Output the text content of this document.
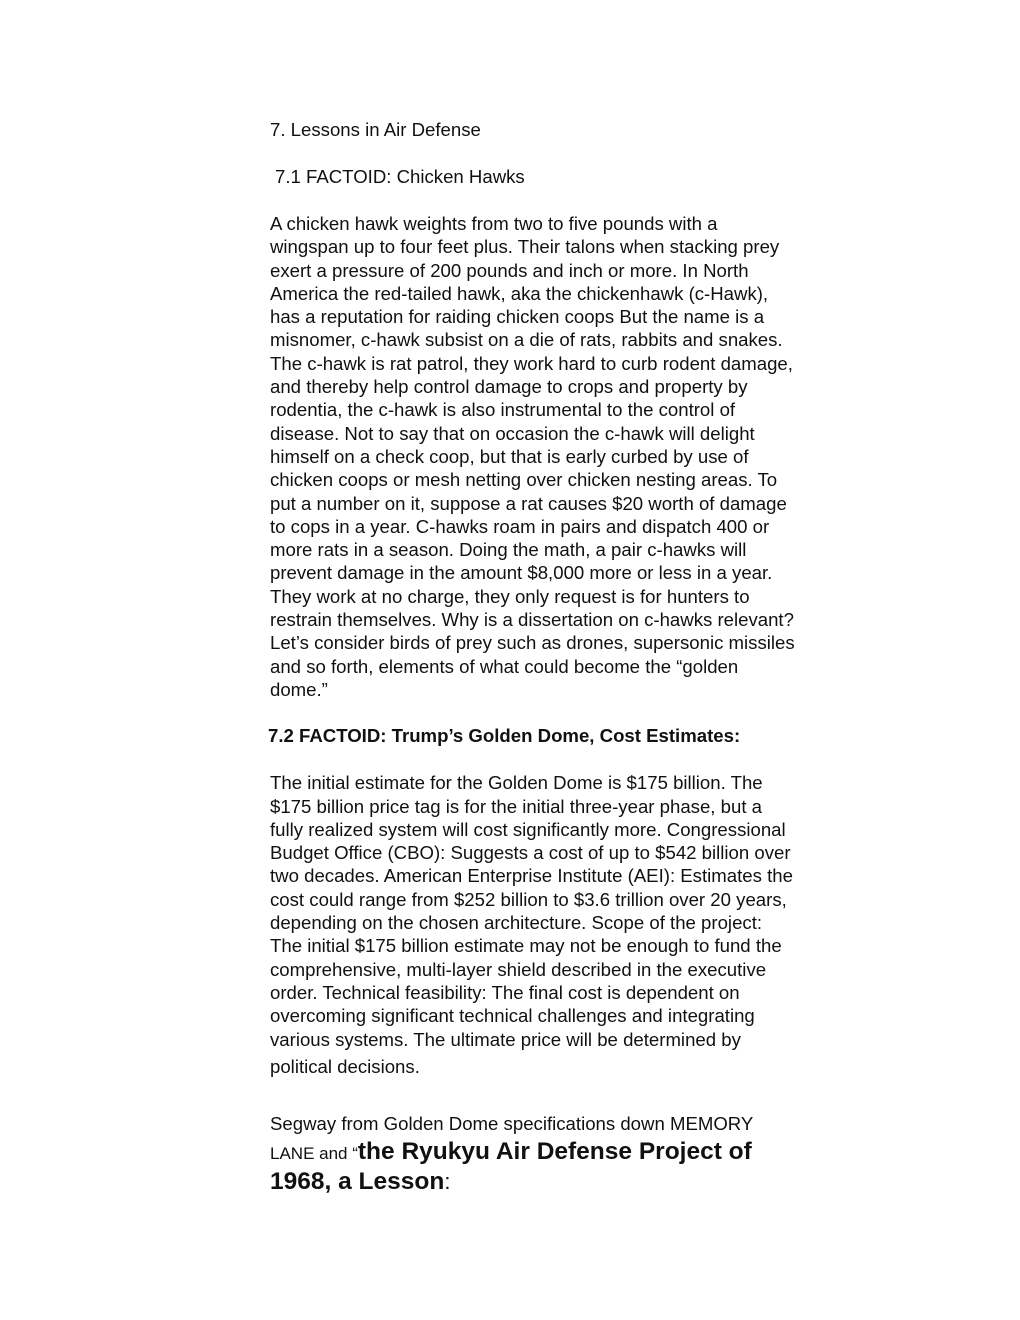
7. Lessons in Air Defense
7.1 FACTOID: Chicken Hawks
A chicken hawk weights from two to five pounds with a
wingspan up to four feet plus. Their talons when stacking prey
exert a pressure of 200 pounds and inch or more. In North
America the red-tailed hawk, aka the chickenhawk (c-Hawk),
has a reputation for raiding chicken coops But the name is a
misnomer, c-hawk subsist on a die of rats, rabbits and snakes.
The c-hawk is rat patrol, they work hard to curb rodent damage,
and thereby help control damage to crops and property by
rodentia, the c-hawk is also instrumental to the control of
disease. Not to say that on occasion the c-hawk will delight
himself on a check coop, but that is early curbed by use of
chicken coops or mesh netting over chicken nesting areas. To
put a number on it, suppose a rat causes $20 worth of damage
to cops in a year. C-hawks roam in pairs and dispatch 400 or
more rats in a season. Doing the math, a pair c-hawks will
prevent damage in the amount $8,000 more or less in a year.
They work at no charge, they only request is for hunters to
restrain themselves. Why is a dissertation on c-hawks relevant?
Let’s consider birds of prey such as drones, supersonic missiles
and so forth, elements of what could become the “golden
dome.”
7.2 FACTOID: Trump’s Golden Dome, Cost Estimates:
The initial estimate for the Golden Dome is $175 billion. The
$175 billion price tag is for the initial three-year phase, but a
fully realized system will cost significantly more. Congressional
Budget Office (CBO): Suggests a cost of up to $542 billion over
two decades. American Enterprise Institute (AEI): Estimates the
cost could range from $252 billion to $3.6 trillion over 20 years,
depending on the chosen architecture. Scope of the project:
The initial $175 billion estimate may not be enough to fund the
comprehensive, multi-layer shield described in the executive
order. Technical feasibility: The final cost is dependent on
overcoming significant technical challenges and integrating
various systems. The ultimate price will be determined by
political decisions.
Segway from Golden Dome specifications down MEMORY
LANE and “the Ryukyu Air Defense Project of
1968, a Lesson:
